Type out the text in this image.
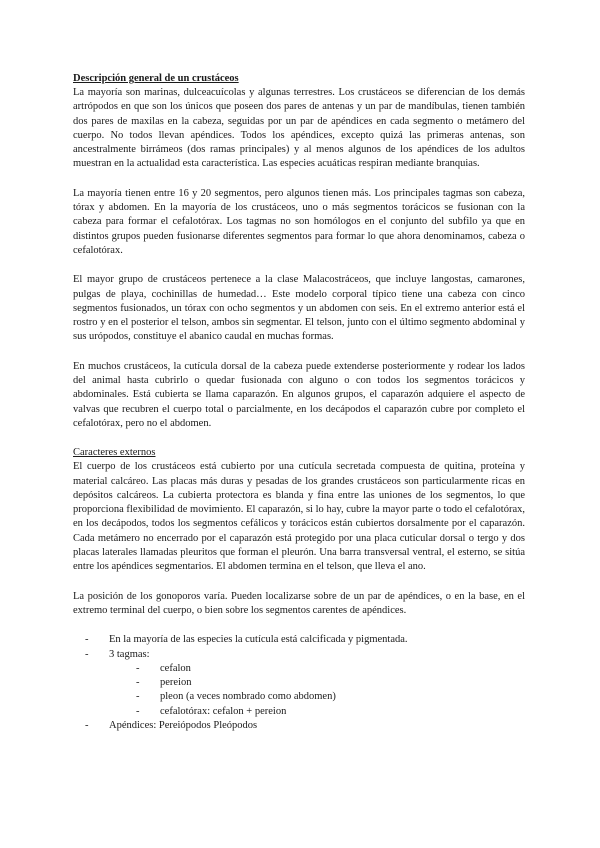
Descripción general de un crustáceos

La mayoría son marinas, dulceacuícolas y algunas terrestres. Los crustáceos se diferencian de los demás artrópodos en que son los únicos que poseen dos pares de antenas y un par de mandíbulas, tienen también dos pares de maxilas en la cabeza, seguidas por un par de apéndices en cada segmento o metámero del cuerpo. No todos llevan apéndices. Todos los apéndices, excepto quizá las primeras antenas, son ancestralmente birrámeos (dos ramas principales) y al menos algunos de los apéndices de los adultos muestran en la actualidad esta característica. Las especies acuáticas respiran mediante branquias.

La mayoría tienen entre 16 y 20 segmentos, pero algunos tienen más. Los principales tagmas son cabeza, tórax y abdomen. En la mayoría de los crustáceos, uno o más segmentos torácicos se fusionan con la cabeza para formar el cefalotórax. Los tagmas no son homólogos en el conjunto del subfilo ya que en distintos grupos pueden fusionarse diferentes segmentos para formar lo que ahora denominamos, cabeza o cefalotórax.

El mayor grupo de crustáceos pertenece a la clase Malacostráceos, que incluye langostas, camarones, pulgas de playa, cochinillas de humedad… Este modelo corporal típico tiene una cabeza con cinco segmentos fusionados, un tórax con ocho segmentos y un abdomen con seis. En el extremo anterior está el rostro y en el posterior el telson, ambos sin segmentar. El telson, junto con el último segmento abdominal y sus urópodos, constituye el abanico caudal en muchas formas.

En muchos crustáceos, la cutícula dorsal de la cabeza puede extenderse posteriormente y rodear los lados del animal hasta cubrirlo o quedar fusionada con alguno o con todos los segmentos torácicos y abdominales. Está cubierta se llama caparazón. En algunos grupos, el caparazón adquiere el aspecto de valvas que recubren el cuerpo total o parcialmente, en los decápodos el caparazón cubre por completo el cefalotórax, pero no el abdomen.

Caracteres externos

El cuerpo de los crustáceos está cubierto por una cutícula secretada compuesta de quitina, proteína y material calcáreo. Las placas más duras y pesadas de los grandes crustáceos son particularmente ricas en depósitos calcáreos. La cubierta protectora es blanda y fina entre las uniones de los segmentos, lo que proporciona flexibilidad de movimiento. El caparazón, si lo hay, cubre la mayor parte o todo el cefalotórax, en los decápodos, todos los segmentos cefálicos y torácicos están cubiertos dorsalmente por el caparazón. Cada metámero no encerrado por el caparazón está protegido por una placa cuticular dorsal o tergo y dos placas laterales llamadas pleuritos que forman el pleurón. Una barra transversal ventral, el esterno, se sitúa entre los apéndices segmentarios. El abdomen termina en el telson, que lleva el ano.

La posición de los gonoporos varía. Pueden localizarse sobre de un par de apéndices, o en la base, en el extremo terminal del cuerpo, o bien sobre los segmentos carentes de apéndices.

- En la mayoría de las especies la cutícula está calcificada y pigmentada.
- 3 tagmas:
- cefalon
- pereion
- pleon (a veces nombrado como abdomen)
- cefalotórax: cefalon + pereion
- Apéndices: Pereiópodos Pleópodos
